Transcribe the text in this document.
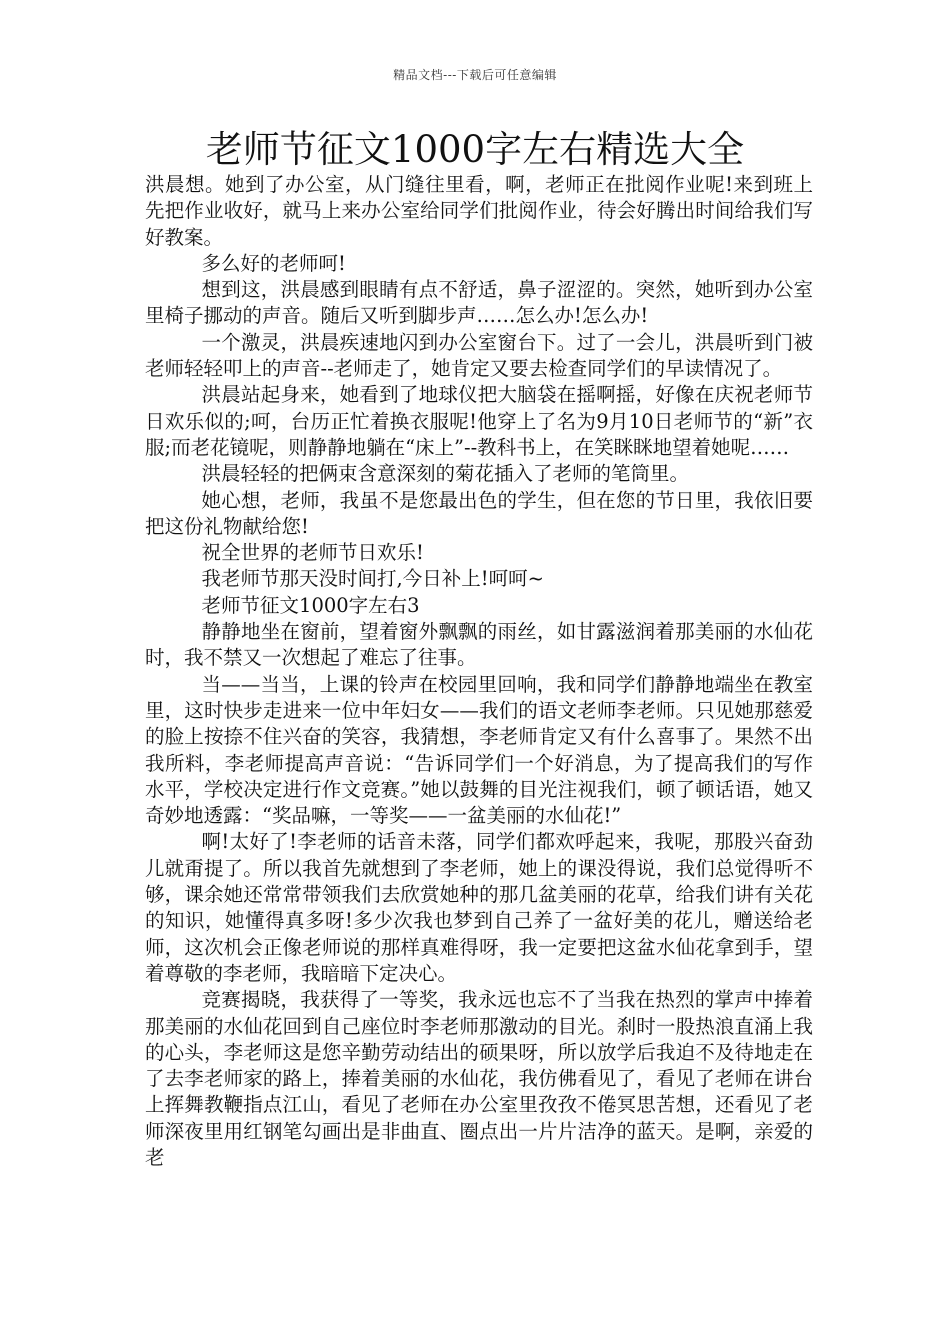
精品文档---下载后可任意编辑
老师节征文1000字左右精选大全

洪晨想。她到了办公室，从门缝往里看，啊，老师正在批阅作业呢!来到班上先把作业收好，就马上来办公室给同学们批阅作业，待会好腾出时间给我们写好教案。

多么好的老师呵!

想到这，洪晨感到眼睛有点不舒适，鼻子涩涩的。突然，她听到办公室里椅子挪动的声音。随后又听到脚步声……怎么办!怎么办!

一个激灵，洪晨疾速地闪到办公室窗台下。过了一会儿，洪晨听到门被老师轻轻叩上的声音--老师走了，她肯定又要去检查同学们的早读情况了。

洪晨站起身来，她看到了地球仪把大脑袋在摇啊摇，好像在庆祝老师节日欢乐似的;呵，台历正忙着换衣服呢!他穿上了名为9月10日老师节的“新”衣服;而老花镜呢，则静静地躺在“床上”--教科书上，在笑眯眯地望着她呢……

洪晨轻轻的把俩束含意深刻的菊花插入了老师的笔筒里。

她心想，老师，我虽不是您最出色的学生，但在您的节日里，我依旧要把这份礼物献给您!

祝全世界的老师节日欢乐!

我老师节那天没时间打,今日补上!呵呵~

老师节征文1000字左右3

静静地坐在窗前，望着窗外飘飘的雨丝，如甘露滋润着那美丽的水仙花时，我不禁又一次想起了难忘了往事。

当——当当，上课的铃声在校园里回响，我和同学们静静地端坐在教室里，这时快步走进来一位中年妇女——我们的语文老师李老师。只见她那慈爱的脸上按捺不住兴奋的笑容，我猜想，李老师肯定又有什么喜事了。果然不出我所料，李老师提高声音说：“告诉同学们一个好消息，为了提高我们的写作水平，学校决定进行作文竞赛。”她以鼓舞的目光注视我们，顿了顿话语，她又奇妙地透露：“奖品嘛，一等奖——一盆美丽的水仙花!”

啊!太好了!李老师的话音未落，同学们都欢呼起来，我呢，那股兴奋劲儿就甭提了。所以我首先就想到了李老师，她上的课没得说，我们总觉得听不够，课余她还常常带领我们去欣赏她种的那几盆美丽的花草，给我们讲有关花的知识，她懂得真多呀!多少次我也梦到自己养了一盆好美的花儿，赠送给老师，这次机会正像老师说的那样真难得呀，我一定要把这盆水仙花拿到手，望着尊敬的李老师，我暗暗下定决心。

竞赛揭晓，我获得了一等奖，我永远也忘不了当我在热烈的掌声中捧着那美丽的水仙花回到自己座位时李老师那激动的目光。刹时一股热浪直涌上我的心头，李老师这是您辛勤劳动结出的硕果呀，所以放学后我迫不及待地走在了去李老师家的路上，捧着美丽的水仙花，我仿佛看见了，看见了老师在讲台上挥舞教鞭指点江山，看见了老师在办公室里孜孜不倦冥思苦想，还看见了老师深夜里用红钢笔勾画出是非曲直、圈点出一片片洁净的蓝天。是啊，亲爱的老
